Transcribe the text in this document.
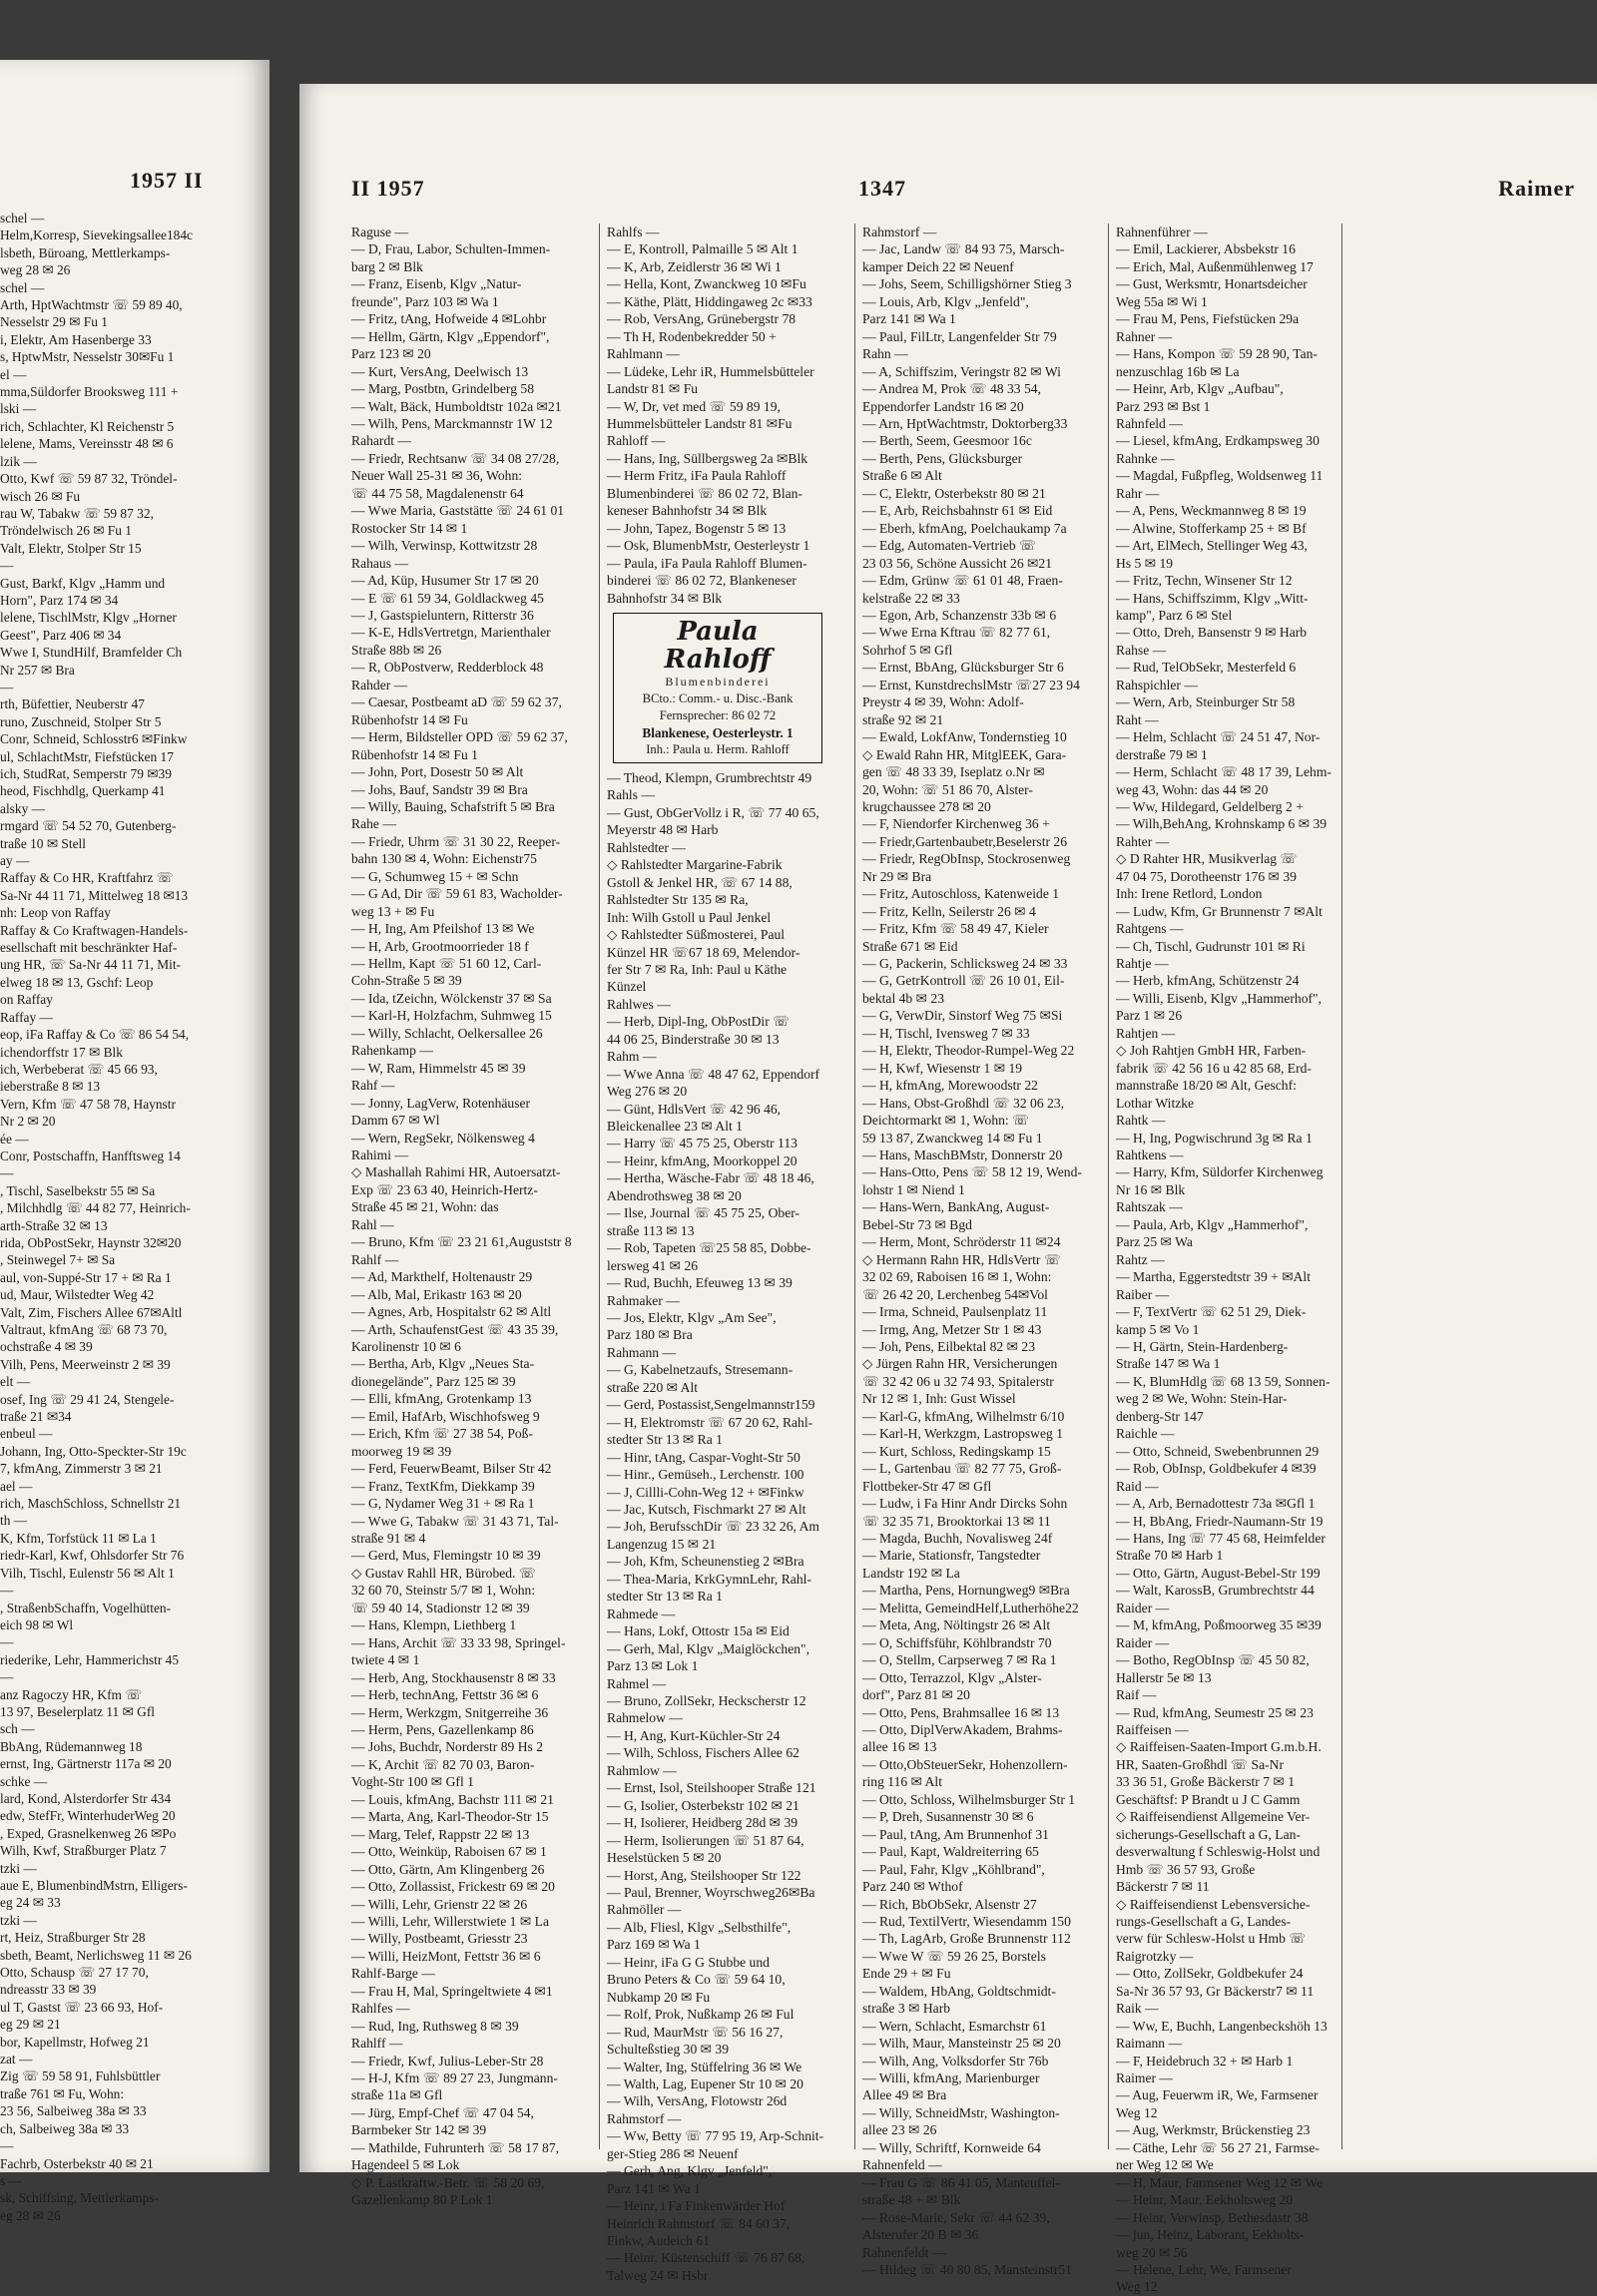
1957 II
schel —
Helm,Korresp, Sievekingsallee184c
lsbeth, Büroang, Mettlerkamps-
weg 28 ✉ 26
schel —
Arth, HptWachtmstr ☏ 59 89 40,
Nesselstr 29 ✉ Fu 1
i, Elektr, Am Hasenberge 33
s, HptwMstr, Nesselstr 30✉Fu 1
el —
mma,Süldorfer Brooksweg 111 +
lski —
rich, Schlachter, Kl Reichenstr 5
lelene, Mams, Vereinsstr 48 ✉ 6
lzik —
Otto, Kwf ☏ 59 87 32, Tröndel-
wisch 26 ✉ Fu
rau W, Tabakw ☏ 59 87 32,
Tröndelwisch 26 ✉ Fu 1
Valt, Elektr, Stolper Str 15
—
Gust, Barkf, Klgv „Hamm und
Horn", Parz 174 ✉ 34
lelene, TischlMstr, Klgv „Horner
Geest", Parz 406 ✉ 34
Wwe I, StundHilf, Bramfelder Ch
Nr 257 ✉ Bra
—
rth, Büfettier, Neuberstr 47
runo, Zuschneid, Stolper Str 5
Conr, Schneid, Schlosstr6 ✉Finkw
ul, SchlachtMstr, Fiefstücken 17
ich, StudRat, Semperstr 79 ✉39
heod, Fischhdlg, Querkamp 41
alsky —
rmgard ☏ 54 52 70, Gutenberg-
traße 10 ✉ Stell
ay —
Raffay & Co HR, Kraftfahrz ☏
Sa-Nr 44 11 71, Mittelweg 18 ✉13
nh: Leop von Raffay
Raffay & Co Kraftwagen-Handels-
esellschaft mit beschränkter Haf-
ung HR, ☏ Sa-Nr 44 11 71, Mit-
elweg 18 ✉ 13, Gschf: Leop
on Raffay
Raffay —
eop, iFa Raffay & Co ☏ 86 54 54,
ichendorffstr 17 ✉ Blk
ich, Werbeberat ☏ 45 66 93,
ieberstraße 8 ✉ 13
Vern, Kfm ☏ 47 58 78, Haynstr
Nr 2 ✉ 20
ée —
Conr, Postschaffn, Hanfftsweg 14
—
, Tischl, Saselbekstr 55 ✉ Sa
, Milchhdlg ☏ 44 82 77, Heinrich-
arth-Straße 32 ✉ 13
rida, ObPostSekr, Haynstr 32✉20
, Steinwegel 7+ ✉ Sa
aul, von-Suppé-Str 17 + ✉ Ra 1
ud, Maur, Wilstedter Weg 42
Valt, Zim, Fischers Allee 67✉Altl
Valtraut, kfmAng ☏ 68 73 70,
ochstraße 4 ✉ 39
Vilh, Pens, Meerweinstr 2 ✉ 39
elt —
osef, Ing ☏ 29 41 24, Stengele-
traße 21 ✉34
enbeul —
Johann, Ing, Otto-Speckter-Str 19c
7, kfmAng, Zimmerstr 3 ✉ 21
ael —
rich, MaschSchloss, Schnellstr 21
th —
K, Kfm, Torfstück 11 ✉ La 1
riedr-Karl, Kwf, Ohlsdorfer Str 76
Vilh, Tischl, Eulenstr 56 ✉ Alt 1
—
, StraßenbSchaffn, Vogelhütten-
eich 98 ✉ Wl
—
riederike, Lehr, Hammerichstr 45
—
anz Ragoczy HR, Kfm ☏
13 97, Beselerplatz 11 ✉ Gfl
sch —
BbAng, Rüdemannweg 18
ernst, Ing, Gärtnerstr 117a ✉ 20
schke —
lard, Kond, Alsterdorfer Str 434
edw, StefFr, WinterhuderWeg 20
, Exped, Grasnelkenweg 26 ✉Po
Wilh, Kwf, Straßburger Platz 7
tzki —
aue E, BlumenbindMstrn, Elligers-
eg 24 ✉ 33
tzki —
rt, Heiz, Straßburger Str 28
sbeth, Beamt, Nerlichsweg 11 ✉ 26
Otto, Schausp ☏ 27 17 70,
ndreasstr 33 ✉ 39
ul T, Gastst ☏ 23 66 93, Hof-
eg 29 ✉ 21
bor, Kapellmstr, Hofweg 21
zat —
Zig ☏ 59 58 91, Fuhlsbüttler
traße 761 ✉ Fu, Wohn:
23 56, Salbeiweg 38a ✉ 33
ch, Salbeiweg 38a ✉ 33
—
Fachrb, Osterbekstr 40 ✉ 21
s —
sk, Schiffsing, Mettlerkamps-
eg 28 ✉ 26
II 1957	1347	Raimer
Raguse —
— D, Frau, Labor, Schulten-Immen-
barg 2 ✉ Blk
— Franz, Eisenb, Klgv „Natur-
freunde", Parz 103 ✉ Wa 1
— Fritz, tAng, Hofweide 4 ✉Lohbr
— Hellm, Gärtn, Klgv „Eppendorf",
Parz 123 ✉ 20
— Kurt, VersAng, Deelwisch 13
— Marg, Postbtn, Grindelberg 58
— Walt, Bäck, Humboldtstr 102a ✉21
— Wilh, Pens, Marckmannstr 1W 12
Rahardt —
— Friedr, Rechtsanw ☏ 34 08 27/28,
Neuer Wall 25-31 ✉ 36, Wohn:
☏ 44 75 58, Magdalenenstr 64
— Wwe Maria, Gaststätte ☏ 24 61 01
Rostocker Str 14 ✉ 1
— Wilh, Verwinsp, Kottwitzstr 28
Rahaus —
— Ad, Küp, Husumer Str 17 ✉ 20
— E ☏ 61 59 34, Goldlackweg 45
— J, Gastspieluntern, Ritterstr 36
— K-E, HdlsVertretgn, Marienthaler
Straße 88b ✉ 26
— R, ObPostverw, Redderblock 48
Rahder —
— Caesar, Postbeamt aD ☏ 59 62 37,
Rübenhofstr 14 ✉ Fu
— Herm, Bildsteller OPD ☏ 59 62 37,
Rübenhofstr 14 ✉ Fu 1
— John, Port, Dosestr 50 ✉ Alt
— Johs, Bauf, Sandstr 39 ✉ Bra
— Willy, Bauing, Schafstrift 5 ✉ Bra
Rahe —
— Friedr, Uhrm ☏ 31 30 22, Reeper-
bahn 130 ✉ 4, Wohn: Eichenstr75
— G, Schumweg 15 + ✉ Schn
— G Ad, Dir ☏ 59 61 83, Wacholder-
weg 13 + ✉ Fu
— H, Ing, Am Pfeilshof 13 ✉ We
— H, Arb, Grootmoorrieder 18 f
— Hellm, Kapt ☏ 51 60 12, Carl-
Cohn-Straße 5 ✉ 39
— Ida, tZeichn, Wölckenstr 37 ✉ Sa
— Karl-H, Holzfachm, Suhmweg 15
— Willy, Schlacht, Oelkersallee 26
Rahenkamp —
— W, Ram, Himmelstr 45 ✉ 39
Rahf —
— Jonny, LagVerw, Rotenhäuser
Damm 67 ✉ Wl
— Wern, RegSekr, Nölkensweg 4
Rahimi —
◇ Mashallah Rahimi HR, Autoersatzt-
Exp ☏ 23 63 40, Heinrich-Hertz-
Straße 45 ✉ 21, Wohn: das
Rahl —
— Bruno, Kfm ☏ 23 21 61,Auguststr 8
Rahlf —
— Ad, Markthelf, Holtenaustr 29
— Alb, Mal, Erikastr 163 ✉ 20
— Agnes, Arb, Hospitalstr 62 ✉ Altl
— Arth, SchaufenstGest ☏ 43 35 39,
Karolinenstr 10 ✉ 6
— Bertha, Arb, Klgv „Neues Sta-
dionegelände", Parz 125 ✉ 39
— Elli, kfmAng, Grotenkamp 13
— Emil, HafArb, Wischhofsweg 9
— Erich, Kfm ☏ 27 38 54, Poß-
moorweg 19 ✉ 39
— Ferd, FeuerwBeamt, Bilser Str 42
— Franz, TextKfm, Diekkamp 39
— G, Nydamer Weg 31 + ✉ Ra 1
— Wwe G, Tabakw ☏ 31 43 71, Tal-
straße 91 ✉ 4
— Gerd, Mus, Flemingstr 10 ✉ 39
◇ Gustav Rahll HR, Bürobed. ☏
32 60 70, Steinstr 5/7 ✉ 1, Wohn:
☏ 59 40 14, Stadionstr 12 ✉ 39
— Hans, Klempn, Liethberg 1
— Hans, Archit ☏ 33 33 98, Springel-
twiete 4 ✉ 1
— Herb, Ang, Stockhausenstr 8 ✉ 33
— Herb, technAng, Fettstr 36 ✉ 6
— Herm, Werkzgm, Snitgerreihe 36
— Herm, Pens, Gazellenkamp 86
— Johs, Buchdr, Norderstr 89 Hs 2
— K, Archit ☏ 82 70 03, Baron-
Voght-Str 100 ✉ Gfl 1
— Louis, kfmAng, Bachstr 111 ✉ 21
— Marta, Ang, Karl-Theodor-Str 15
— Marg, Telef, Rappstr 22 ✉ 13
— Otto, Weinküp, Raboisen 67 ✉ 1
— Otto, Gärtn, Am Klingenberg 26
— Otto, Zollassist, Frickestr 69 ✉ 20
— Willi, Lehr, Grienstr 22 ✉ 26
— Willi, Lehr, Willerstwiete 1 ✉ La
— Willy, Postbeamt, Griesstr 23
— Willi, HeizMont, Fettstr 36 ✉ 6
Rahlf-Barge —
— Frau H, Mal, Springeltwiete 4 ✉1
Rahlfes —
— Rud, Ing, Ruthsweg 8 ✉ 39
Rahlff —
— Friedr, Kwf, Julius-Leber-Str 28
— H-J, Kfm ☏ 89 27 23, Jungmann-
straße 11a ✉ Gfl
— Jürg, Empf-Chef ☏ 47 04 54,
Barmbeker Str 142 ✉ 39
— Mathilde, Fuhrunterh ☏ 58 17 87,
Hagendeel 5 ✉ Lok
◇ P. Lastkraftw.-Betr. ☏ 58 20 69,
Gazellenkamp 80 P Lok 1
Rahlfs —
— E, Kontroll, Palmaille 5 ✉ Alt 1
— K, Arb, Zeidlerstr 36 ✉ Wi 1
— Hella, Kont, Zwanckweg 10 ✉Fu
— Käthe, Plätt, Hiddingaweg 2c ✉33
— Rob, VersAng, Grünebergstr 78
— Th H, Rodenbekredder 50 +
Rahlmann —
— Lüdeke, Lehr iR, Hummelsbütteler
Landstr 81 ✉ Fu
— W, Dr, vet med ☏ 59 89 19,
Hummelsbütteler Landstr 81 ✉Fu
Rahloff —
— Hans, Ing, Süllbergsweg 2a ✉Blk
— Herm Fritz, iFa Paula Rahloff
Blumenbinderei ☏ 86 02 72, Blan-
keneser Bahnhofstr 34 ✉ Blk
— John, Tapez, Bogenstr 5 ✉ 13
— Osk, BlumenbMstr, Oesterleystr 1
— Paula, iFa Paula Rahloff Blumen-
binderei ☏ 86 02 72, Blankeneser
Bahnhofstr 34 ✉ Blk
Paula Rahloff
Blumenbinderei
BCto.: Comm.- u. Disc.-Bank
Fernsprecher: 86 02 72
Blankenese, Oesterleystr. 1
Inh.: Paula u. Herm. Rahloff
— Theod, Klempn, Grumbrechtstr 49
Rahls —
— Gust, ObGerVollz i R, ☏ 77 40 65,
Meyerstr 48 ✉ Harb
Rahlstedter —
◇ Rahlstedter Margarine-Fabrik
Gstoll & Jenkel HR, ☏ 67 14 88,
Rahlstedter Str 135 ✉ Ra,
Inh: Wilh Gstoll u Paul Jenkel
◇ Rahlstedter Süßmosterei, Paul
Künzel HR ☏67 18 69, Melendor-
fer Str 7 ✉ Ra, Inh: Paul u Käthe
Künzel
Rahlwes —
— Herb, Dipl-Ing, ObPostDir ☏
44 06 25, Binderstraße 30 ✉ 13
Rahm —
— Wwe Anna ☏ 48 47 62, Eppendorf
Weg 276 ✉ 20
— Günt, HdlsVert ☏ 42 96 46,
Bleickenallee 23 ✉ Alt 1
— Harry ☏ 45 75 25, Oberstr 113
— Heinr, kfmAng, Moorkoppel 20
— Hertha, Wäsche-Fabr ☏ 48 18 46,
Abendrothsweg 38 ✉ 20
— Ilse, Journal ☏ 45 75 25, Ober-
straße 113 ✉ 13
— Rob, Tapeten ☏25 58 85, Dobbe-
lersweg 41 ✉ 26
— Rud, Buchh, Efeuweg 13 ✉ 39
Rahmaker —
— Jos, Elektr, Klgv „Am See",
Parz 180 ✉ Bra
Rahmann —
— G, Kabelnetzaufs, Stresemann-
straße 220 ✉ Alt
— Gerd, Postassist,Sengelmannstr159
— H, Elektromstr ☏ 67 20 62, Rahl-
stedter Str 13 ✉ Ra 1
— Hinr, tAng, Caspar-Voght-Str 50
— Hinr., Gemüseh., Lerchenstr. 100
— J, Cillli-Cohn-Weg 12 + ✉Finkw
— Jac, Kutsch, Fischmarkt 27 ✉ Alt
— Joh, BerufsschDir ☏ 23 32 26, Am
Langenzug 15 ✉ 21
— Joh, Kfm, Scheunenstieg 2 ✉Bra
— Thea-Maria, KrkGymnLehr, Rahl-
stedter Str 13 ✉ Ra 1
Rahmede —
— Hans, Lokf, Ottostr 15a ✉ Eid
— Gerh, Mal, Klgv „Maiglöckchen",
Parz 13 ✉ Lok 1
Rahmel —
— Bruno, ZollSekr, Heckscherstr 12
Rahmelow —
— H, Ang, Kurt-Küchler-Str 24
— Wilh, Schloss, Fischers Allee 62
Rahmlow —
— Ernst, Isol, Steilshooper Straße 121
— G, Isolier, Osterbekstr 102 ✉ 21
— H, Isolierer, Heidberg 28d ✉ 39
— Herm, Isolierungen ☏ 51 87 64,
Heselstücken 5 ✉ 20
— Horst, Ang, Steilshooper Str 122
— Paul, Brenner, Woyrschweg26✉Ba
Rahmöller —
— Alb, Fliesl, Klgv „Selbsthilfe",
Parz 169 ✉ Wa 1
— Heinr, iFa G G Stubbe und
Bruno Peters & Co ☏ 59 64 10,
Nubkamp 20 ✉ Fu
— Rolf, Prok, Nußkamp 26 ✉ Ful
— Rud, MaurMstr ☏ 56 16 27,
Schulteßstieg 30 ✉ 39
— Walter, Ing, Stüffelring 36 ✉ We
— Walth, Lag, Eupener Str 10 ✉ 20
— Wilh, VersAng, Flotowstr 26d
Rahmstorf —
— Ww, Betty ☏ 77 95 19, Arp-Schnit-
ger-Stieg 286 ✉ Neuenf
— Gerh, Ang, Klgv „Jenfeld",
Parz 141 ✉ Wa 1
— Heinr, i Fa Finkenwärder Hof
Heinrich Rahmstorf ☏ 84 60 37,
Finkw, Audeich 61
— Heinr, Küstenschiff ☏ 76 87 68,
Talweg 24 ✉ Hsbr
Rahmstorf —
— Jac, Landw ☏ 84 93 75, Marsch-
kamper Deich 22 ✉ Neuenf
— Johs, Seem, Schilligshörner Stieg 3
— Louis, Arb, Klgv „Jenfeld",
Parz 141 ✉ Wa 1
— Paul, FilLtr, Langenfelder Str 79
Rahn —
— A, Schiffszim, Veringstr 82 ✉ Wi
— Andrea M, Prok ☏ 48 33 54,
Eppendorfer Landstr 16 ✉ 20
— Arn, HptWachtmstr, Doktorberg33
— Berth, Seem, Geesmoor 16c
— Berth, Pens, Glücksburger
Straße 6 ✉ Alt
— C, Elektr, Osterbekstr 80 ✉ 21
— E, Arb, Reichsbahnstr 61 ✉ Eid
— Eberh, kfmAng, Poelchaukamp 7a
— Edg, Automaten-Vertrieb ☏
23 03 56, Schöne Aussicht 26 ✉21
— Edm, Grünw ☏ 61 01 48, Fraen-
kelstraße 22 ✉ 33
— Egon, Arb, Schanzenstr 33b ✉ 6
— Wwe Erna Kftrau ☏ 82 77 61,
Sohrhof 5 ✉ Gfl
— Ernst, BbAng, Glücksburger Str 6
— Ernst, KunstdrechslMstr ☏27 23 94
Preystr 4 ✉ 39, Wohn: Adolf-
straße 92 ✉ 21
— Ewald, LokfAnw, Tondernstieg 10
◇ Ewald Rahn HR, MitglEEK, Gara-
gen ☏ 48 33 39, Iseplatz o.Nr ✉
20, Wohn: ☏ 51 86 70, Alster-
krugchaussee 278 ✉ 20
— F, Niendorfer Kirchenweg 36 +
— Friedr,Gartenbaubetr,Beselerstr 26
— Friedr, RegObInsp, Stockrosenweg
Nr 29 ✉ Bra
— Fritz, Autoschloss, Katenweide 1
— Fritz, Kelln, Seilerstr 26 ✉ 4
— Fritz, Kfm ☏ 58 49 47, Kieler
Straße 671 ✉ Eid
— G, Packerin, Schlicksweg 24 ✉ 33
— G, GetrKontroll ☏ 26 10 01, Eil-
bektal 4b ✉ 23
— G, VerwDir, Sinstorf Weg 75 ✉Si
— H, Tischl, Ivensweg 7 ✉ 33
— H, Elektr, Theodor-Rumpel-Weg 22
— H, Kwf, Wiesenstr 1 ✉ 19
— H, kfmAng, Morewoodstr 22
— Hans, Obst-Großhdl ☏ 32 06 23,
Deichtormarkt ✉ 1, Wohn: ☏
59 13 87, Zwanckweg 14 ✉ Fu 1
— Hans, MaschBMstr, Donnerstr 20
— Hans-Otto, Pens ☏ 58 12 19, Wend-
lohstr 1 ✉ Niend 1
— Hans-Wern, BankAng, August-
Bebel-Str 73 ✉ Bgd
— Herm, Mont, Schröderstr 11 ✉24
◇ Hermann Rahn HR, HdlsVertr ☏
32 02 69, Raboisen 16 ✉ 1, Wohn:
☏ 26 42 20, Lerchenbeg 54✉Vol
— Irma, Schneid, Paulsenplatz 11
— Irmg, Ang, Metzer Str 1 ✉ 43
— Joh, Pens, Eilbektal 82 ✉ 23
◇ Jürgen Rahn HR, Versicherungen
☏ 32 42 06 u 32 74 93, Spitalerstr
Nr 12 ✉ 1, Inh: Gust Wissel
— Karl-G, kfmAng, Wilhelmstr 6/10
— Karl-H, Werkzgm, Lastropsweg 1
— Kurt, Schloss, Redingskamp 15
— L, Gartenbau ☏ 82 77 75, Groß-
Flottbeker-Str 47 ✉ Gfl
— Ludw, i Fa Hinr Andr Dircks Sohn
☏ 32 35 71, Brooktorkai 13 ✉ 11
— Magda, Buchh, Novalisweg 24f
— Marie, Stationsfr, Tangstedter
Landstr 192 ✉ La
— Martha, Pens, Hornungweg9 ✉Bra
— Melitta, GemeindHelf,Lutherhöhe22
— Meta, Ang, Nöltingstr 26 ✉ Alt
— O, Schiffsführ, Köhlbrandstr 70
— O, Stellm, Carpserweg 7 ✉ Ra 1
— Otto, Terrazzol, Klgv „Alster-
dorf", Parz 81 ✉ 20
— Otto, Pens, Brahmsallee 16 ✉ 13
— Otto, DiplVerwAkadem, Brahms-
allee 16 ✉ 13
— Otto,ObSteuerSekr, Hohenzollern-
ring 116 ✉ Alt
— Otto, Schloss, Wilhelmsburger Str 1
— P, Dreh, Susannenstr 30 ✉ 6
— Paul, tAng, Am Brunnenhof 31
— Paul, Kapt, Waldreiterring 65
— Paul, Fahr, Klgv „Köhlbrand",
Parz 240 ✉ Wthof
— Rich, BbObSekr, Alsenstr 27
— Rud, TextilVertr, Wiesendamm 150
— Th, LagArb, Große Brunnenstr 112
— Wwe W ☏ 59 26 25, Borstels
Ende 29 + ✉ Fu
— Waldem, HbAng, Goldtschmidt-
straße 3 ✉ Harb
— Wern, Schlacht, Esmarchstr 61
— Wilh, Maur, Mansteinstr 25 ✉ 20
— Wilh, Ang, Volksdorfer Str 76b
— Willi, kfmAng, Marienburger
Allee 49 ✉ Bra
— Willy, SchneidMstr, Washington-
allee 23 ✉ 26
— Willy, Schriftf, Kornweide 64
Rahnenfeld —
— Frau G ☏ 86 41 05, Manteuffel-
straße 48 + ✉ Blk
— Rose-Marie, Sekr ☏ 44 62 39,
Alsterufer 20 B ✉ 36
Rahnenfeldt —
— Hildeg ☏ 40 80 85, Mansteinstr51
Rahnenführer —
— Emil, Lackierer, Absbekstr 16
— Erich, Mal, Außenmühlenweg 17
— Gust, Werksmtr, Honartsdeicher
Weg 55a ✉ Wi 1
— Frau M, Pens, Fiefstücken 29a
Rahner —
— Hans, Kompon ☏ 59 28 90, Tan-
nenzuschlag 16b ✉ La
— Heinr, Arb, Klgv „Aufbau",
Parz 293 ✉ Bst 1
Rahnfeld —
— Liesel, kfmAng, Erdkampsweg 30
Rahnke —
— Magdal, Fußpfleg, Woldsenweg 11
Rahr —
— A, Pens, Weckmannweg 8 ✉ 19
— Alwine, Stofferkamp 25 + ✉ Bf
— Art, ElMech, Stellinger Weg 43,
Hs 5 ✉ 19
— Fritz, Techn, Winsener Str 12
— Hans, Schiffszimm, Klgv „Witt-
kamp", Parz 6 ✉ Stel
— Otto, Dreh, Bansenstr 9 ✉ Harb
Rahse —
— Rud, TelObSekr, Mesterfeld 6
Rahspichler —
— Wern, Arb, Steinburger Str 58
Raht —
— Helm, Schlacht ☏ 24 51 47, Nor-
derstraße 79 ✉ 1
— Herm, Schlacht ☏ 48 17 39, Lehm-
weg 43, Wohn: das 44 ✉ 20
— Ww, Hildegard, Geldelberg 2 +
— Wilh,BehAng, Krohnskamp 6 ✉ 39
Rahter —
◇ D Rahter HR, Musikverlag ☏
47 04 75, Dorotheenstr 176 ✉ 39
Inh: Irene Retlord, London
— Ludw, Kfm, Gr Brunnenstr 7 ✉Alt
Rahtgens —
— Ch, Tischl, Gudrunstr 101 ✉ Ri
Rahtje —
— Herb, kfmAng, Schützenstr 24
— Willi, Eisenb, Klgv „Hammerhof",
Parz 1 ✉ 26
Rahtjen —
◇ Joh Rahtjen GmbH HR, Farben-
fabrik ☏ 42 56 16 u 42 85 68, Erd-
mannstraße 18/20 ✉ Alt, Geschf:
Lothar Witzke
Rahtk —
— H, Ing, Pogwischrund 3g ✉ Ra 1
Rahtkens —
— Harry, Kfm, Süldorfer Kirchenweg
Nr 16 ✉ Blk
Rahtszak —
— Paula, Arb, Klgv „Hammerhof",
Parz 25 ✉ Wa
Rahtz —
— Martha, Eggerstedtstr 39 + ✉Alt
Raiber —
— F, TextVertr ☏ 62 51 29, Diek-
kamp 5 ✉ Vo 1
— H, Gärtn, Stein-Hardenberg-
Straße 147 ✉ Wa 1
— K, BlumHdlg ☏ 68 13 59, Sonnen-
weg 2 ✉ We, Wohn: Stein-Har-
denberg-Str 147
Raichle —
— Otto, Schneid, Swebenbrunnen 29
— Rob, ObInsp, Goldbekufer 4 ✉39
Raid —
— A, Arb, Bernadottestr 73a ✉Gfl 1
— H, BbAng, Friedr-Naumann-Str 19
— Hans, Ing ☏ 77 45 68, Heimfelder
Straße 70 ✉ Harb 1
— Otto, Gärtn, August-Bebel-Str 199
— Walt, KarossB, Grumbrechtstr 44
Raider —
— M, kfmAng, Poßmoorweg 35 ✉39
Raider —
— Botho, RegObInsp ☏ 45 50 82,
Hallerstr 5e ✉ 13
Raif —
— Rud, kfmAng, Seumestr 25 ✉ 23
Raiffeisen —
◇ Raiffeisen-Saaten-Import G.m.b.H.
HR, Saaten-Großhdl ☏ Sa-Nr
33 36 51, Große Bäckerstr 7 ✉ 1
Geschäftsf: P Brandt u J C Gamm
◇ Raiffeisendienst Allgemeine Ver-
sicherungs-Gesellschaft a G, Lan-
desverwaltung f Schleswig-Holst und
Hmb ☏ 36 57 93, Große
Bäckerstr 7 ✉ 11
◇ Raiffeisendienst Lebensversiche-
rungs-Gesellschaft a G, Landes-
verw für Schlesw-Holst u Hmb ☏
Raigrotzky —
— Otto, ZollSekr, Goldbekufer 24
Sa-Nr 36 57 93, Gr Bäckerstr7 ✉ 11
Raik —
— Ww, E, Buchh, Langenbeckshöh 13
Raimann —
— F, Heidebruch 32 + ✉ Harb 1
Raimer —
— Aug, Feuerwm iR, We, Farmsener
Weg 12
— Aug, Werkmstr, Brückenstieg 23
— Cäthe, Lehr ☏ 56 27 21, Farmse-
ner Weg 12 ✉ We
— H, Maur, Farmsener Weg 12 ✉ We
— Heinr, Maur, Eekholtsweg 20
— Heinr, Verwinsp, Bethesdastr 38
— jun, Heinz, Laborant, Eekholts-
weg 20 ✉ 56
— Helene, Lehr, We, Farmsener
Weg 12
